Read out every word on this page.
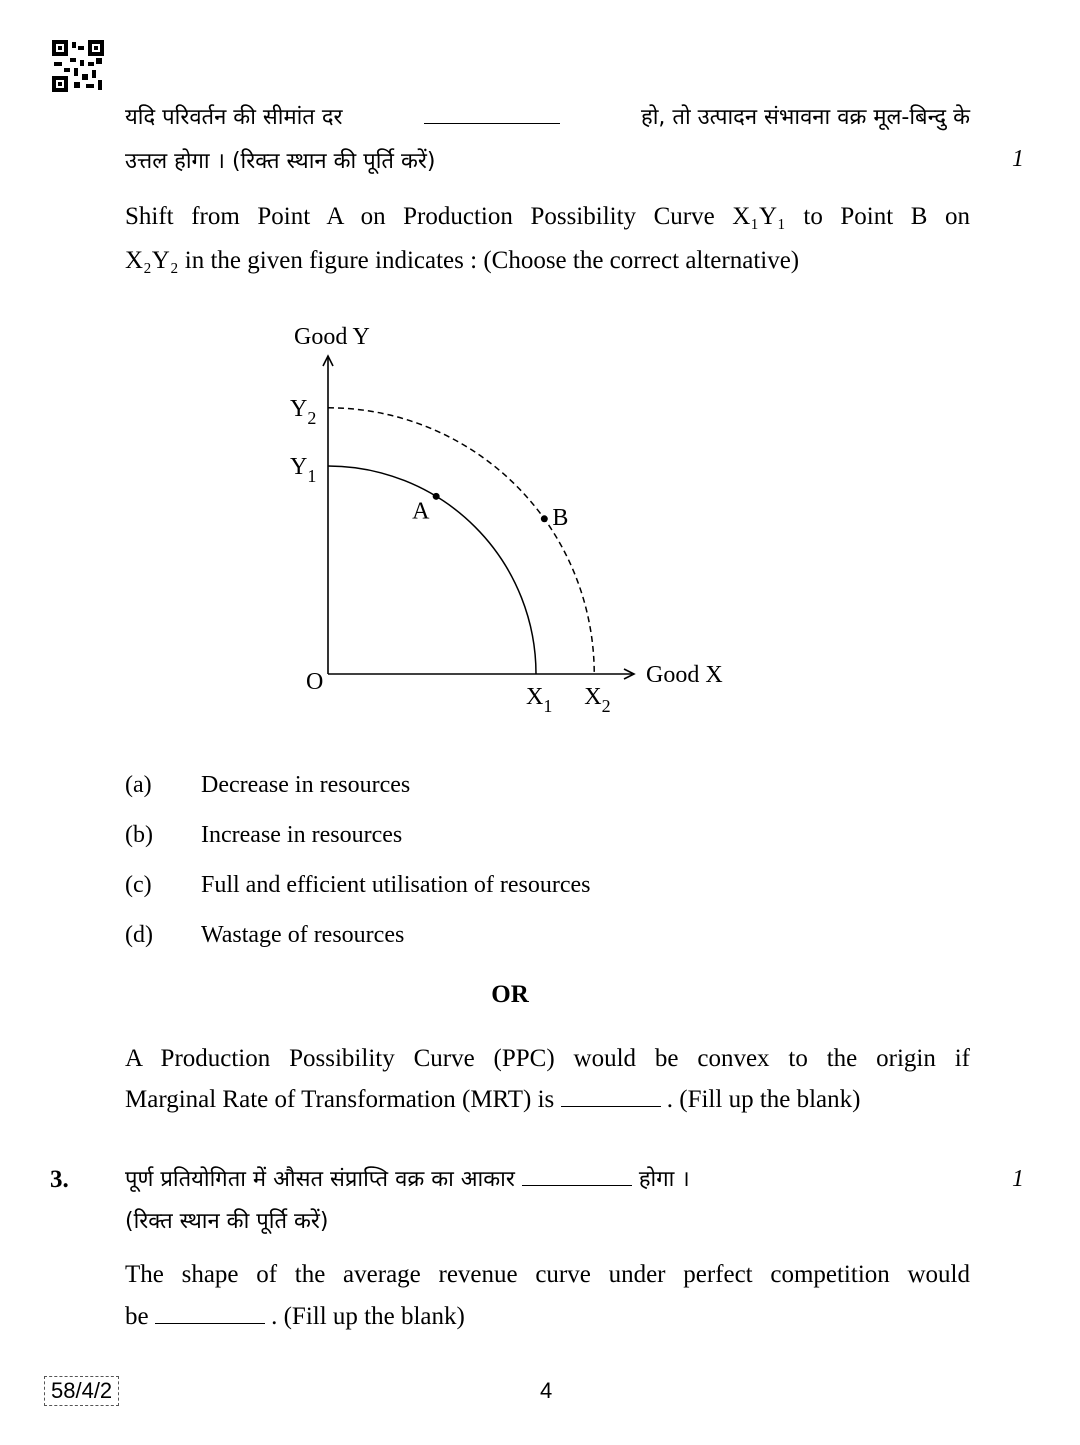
यदि परिवर्तन की सीमांत दर	हो, तो उत्पादन संभावना वक्र मूल-बिन्दु के
उत्तल होगा । (रिक्त स्थान की पूर्ति करें)	1
Shift from Point A on Production Possibility Curve X₁Y₁ to Point B on
X₂Y₂ in the given figure indicates : (Choose the correct alternative)
Good Y
Good X
O
$Y_1$
$X_1$
$Y_2$
$X_2$
A	B
(a)	Decrease in resources
(b)	Increase in resources
(c)	Full and efficient utilisation of resources
(d)	Wastage of resources
OR
A Production Possibility Curve (PPC) would be convex to the origin if
Marginal Rate of Transformation (MRT) is	. (Fill up the blank)
3.	पूर्ण प्रतियोगिता में औसत संप्राप्ति वक्र का आकार	होगा ।	1
(रिक्त स्थान की पूर्ति करें)
The shape of the average revenue curve under perfect competition would
be	. (Fill up the blank)
58/4/2	4
